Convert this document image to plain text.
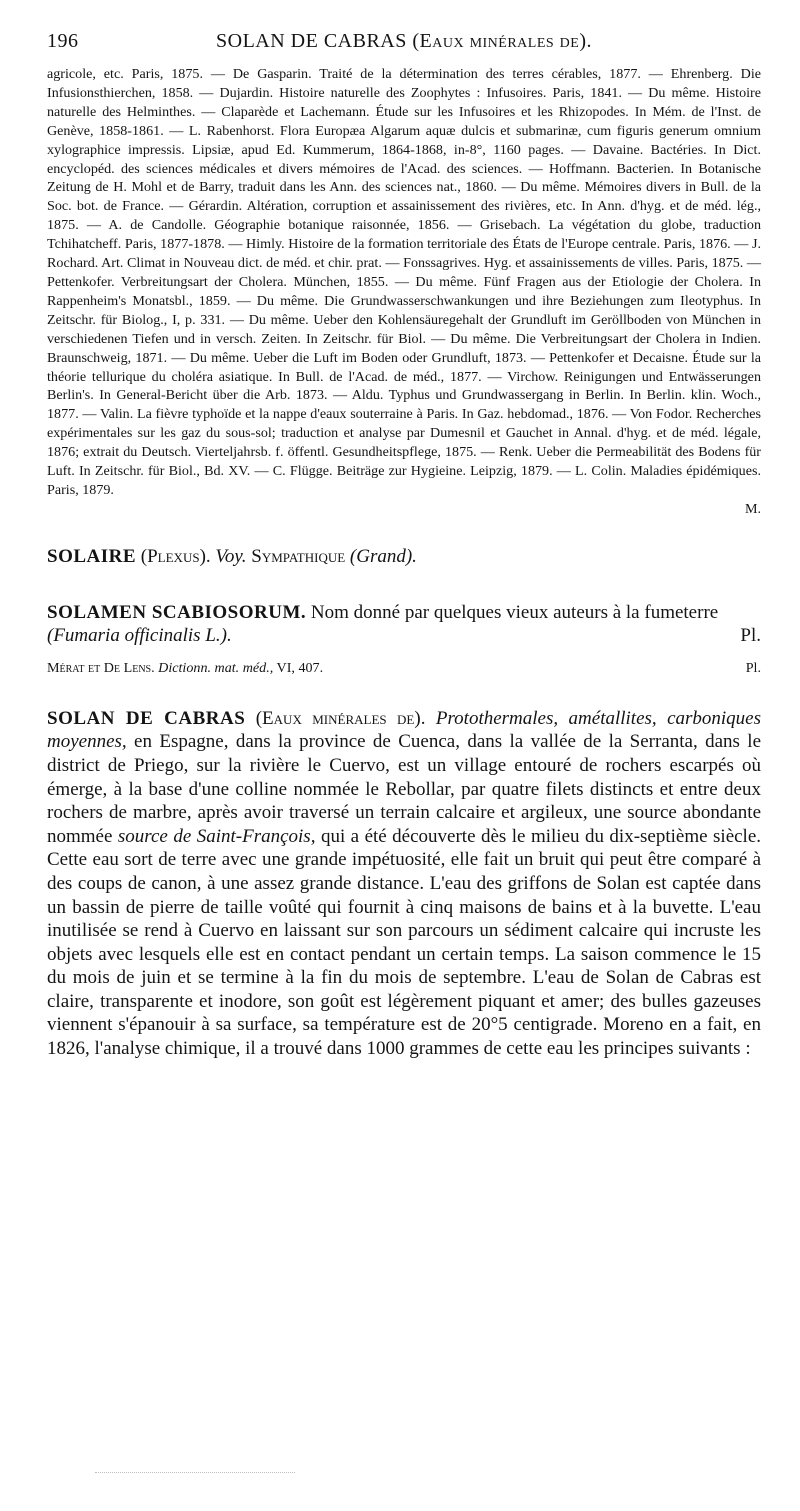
196	SOLAN DE CABRAS (Eaux minérales de).

agricole, etc. Paris, 1875. — De Gasparin. Traité de la détermination des terres cérables, 1877. — Ehrenberg. Die Infusionsthierchen, 1858. — Dujardin. Histoire naturelle des Zoophytes : Infusoires. Paris, 1841. — Du même. Histoire naturelle des Helminthes. — Claparède et Lachemann. Étude sur les Infusoires et les Rhizopodes. In Mém. de l'Inst. de Genève, 1858-1861. — L. Rabenhorst. Flora Europæa Algarum aquæ dulcis et submarinæ, cum figuris generum omnium xylographice impressis. Lipsiæ, apud Ed. Kummerum, 1864-1868, in-8°, 1160 pages. — Davaine. Bactéries. In Dict. encyclopéd. des sciences médicales et divers mémoires de l'Acad. des sciences. — Hoffmann. Bacterien. In Botanische Zeitung de H. Mohl et de Barry, traduit dans les Ann. des sciences nat., 1860. — Du même. Mémoires divers in Bull. de la Soc. bot. de France. — Gérardin. Altération, corruption et assainissement des rivières, etc. In Ann. d'hyg. et de méd. lég., 1875. — A. de Candolle. Géographie botanique raisonnée, 1856. — Grisebach. La végétation du globe, traduction Tchihatcheff. Paris, 1877-1878. — Himly. Histoire de la formation territoriale des États de l'Europe centrale. Paris, 1876. — J. Rochard. Art. Climat in Nouveau dict. de méd. et chir. prat. — Fonssagrives. Hyg. et assainissements de villes. Paris, 1875. — Pettenkofer. Verbreitungsart der Cholera. München, 1855. — Du même. Fünf Fragen aus der Etiologie der Cholera. In Rappenheim's Monatsbl., 1859. — Du même. Die Grundwasserschwankungen und ihre Beziehungen zum Ileotyphus. In Zeitschr. für Biolog., I, p. 331. — Du même. Ueber den Kohlensäuregehalt der Grundluft im Geröllboden von München in verschiedenen Tiefen und in versch. Zeiten. In Zeitschr. für Biol. — Du même. Die Verbreitungsart der Cholera in Indien. Braunschweig, 1871. — Du même. Ueber die Luft im Boden oder Grundluft, 1873. — Pettenkofer et Decaisne. Étude sur la théorie tellurique du choléra asiatique. In Bull. de l'Acad. de méd., 1877. — Virchow. Reinigungen und Entwässerungen Berlin's. In General-Bericht über die Arb. 1873. — Aldu. Typhus und Grundwassergang in Berlin. In Berlin. klin. Woch., 1877. — Valin. La fièvre typhoïde et la nappe d'eaux souterraine à Paris. In Gaz. hebdomad., 1876. — Von Fodor. Recherches expérimentales sur les gaz du sous-sol; traduction et analyse par Dumesnil et Gauchet in Annal. d'hyg. et de méd. légale, 1876; extrait du Deutsch. Vierteljahrsb. f. öffentl. Gesundheitspflege, 1875. — Renk. Ueber die Permeabilität des Bodens für Luft. In Zeitschr. für Biol., Bd. XV. — C. Flügge. Beiträge zur Hygieine. Leipzig, 1879. — L. Colin. Maladies épidémiques. Paris, 1879.

M.

SOLAIRE (Plexus). Voy. Sympathique (Grand).

SOLAMEN SCABIOSORUM. Nom donné par quelques vieux auteurs à la fumeterre
(Fumaria officinalis L.).	Pl.
Mérat et De Lens. Dictionn. mat. méd., VI, 407.	Pl.

SOLAN DE CABRAS (Eaux minérales de). Protothermales, amétallites, carboniques moyennes, en Espagne, dans la province de Cuenca, dans la vallée de la Serranta, dans le district de Priego, sur la rivière le Cuervo, est un village entouré de rochers escarpés où émerge, à la base d'une colline nommée le Rebollar, par quatre filets distincts et entre deux rochers de marbre, après avoir traversé un terrain calcaire et argileux, une source abondante nommée source de Saint-François, qui a été découverte dès le milieu du dix-septième siècle. Cette eau sort de terre avec une grande impétuosité, elle fait un bruit qui peut être comparé à des coups de canon, à une assez grande distance. L'eau des griffons de Solan est captée dans un bassin de pierre de taille voûté qui fournit à cinq maisons de bains et à la buvette. L'eau inutilisée se rend à Cuervo en laissant sur son parcours un sédiment calcaire qui incruste les objets avec lesquels elle est en contact pendant un certain temps. La saison commence le 15 du mois de juin et se termine à la fin du mois de septembre. L'eau de Solan de Cabras est claire, transparente et inodore, son goût est légèrement piquant et amer; des bulles gazeuses viennent s'épanouir à sa surface, sa température est de 20°5 centigrade. Moreno en a fait, en 1826, l'analyse chimique, il a trouvé dans 1000 grammes de cette eau les principes suivants :
